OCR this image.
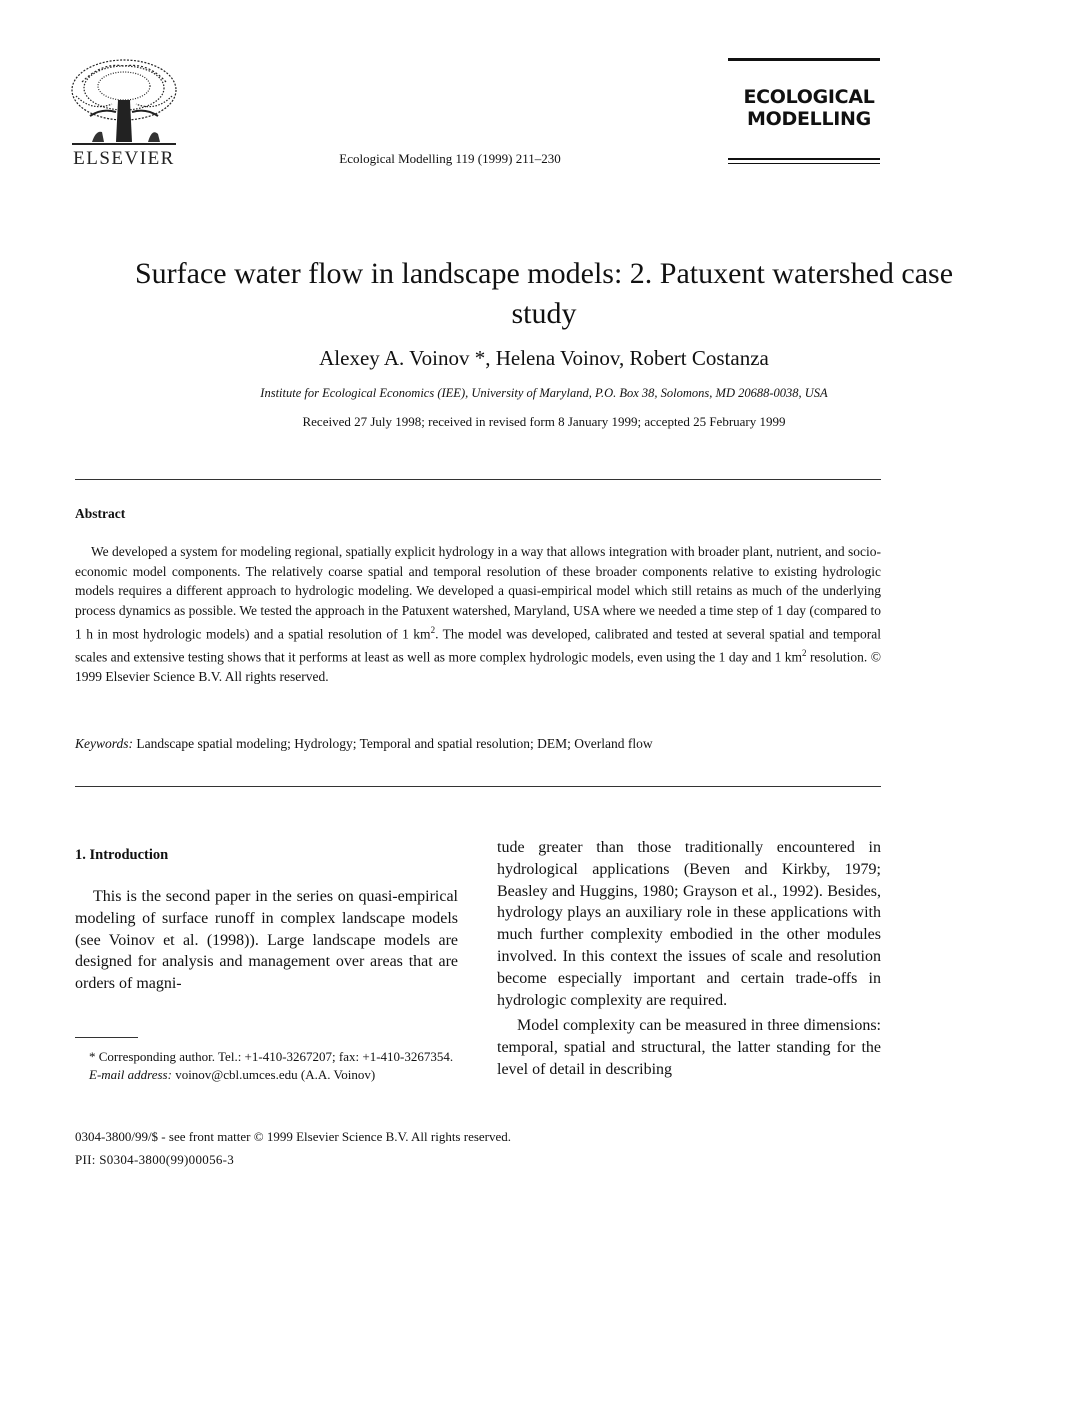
ELSEVIER	Ecological Modelling 119 (1999) 211–230
ECOLOGICAL
MODELLING
Surface water flow in landscape models: 2. Patuxent watershed case study
Alexey A. Voinov *, Helena Voinov, Robert Costanza
Institute for Ecological Economics (IEE), University of Maryland, P.O. Box 38, Solomons, MD 20688-0038, USA
Received 27 July 1998; received in revised form 8 January 1999; accepted 25 February 1999
Abstract
We developed a system for modeling regional, spatially explicit hydrology in a way that allows integration with broader plant, nutrient, and socio-economic model components. The relatively coarse spatial and temporal resolution of these broader components relative to existing hydrologic models requires a different approach to hydrologic modeling. We developed a quasi-empirical model which still retains as much of the underlying process dynamics as possible. We tested the approach in the Patuxent watershed, Maryland, USA where we needed a time step of 1 day (compared to 1 h in most hydrologic models) and a spatial resolution of 1 $km^2$. The model was developed, calibrated and tested at several spatial and temporal scales and extensive testing shows that it performs at least as well as more complex hydrologic models, even using the 1 day and 1 $km^2$ resolution. © 1999 Elsevier Science B.V. All rights reserved.
Keywords: Landscape spatial modeling; Hydrology; Temporal and spatial resolution; DEM; Overland flow
1. Introduction
This is the second paper in the series on quasi-empirical modeling of surface runoff in complex landscape models (see Voinov et al. (1998)). Large landscape models are designed for analysis and management over areas that are orders of magni-

tude greater than those traditionally encountered in hydrological applications (Beven and Kirkby, 1979; Beasley and Huggins, 1980; Grayson et al., 1992). Besides, hydrology plays an auxiliary role in these applications with much further complexity embodied in the other modules involved. In this context the issues of scale and resolution become especially important and certain trade-offs in hydrologic complexity are required.

Model complexity can be measured in three dimensions: temporal, spatial and structural, the latter standing for the level of detail in describing

* Corresponding author. Tel.: +1-410-3267207; fax: +1-410-3267354.
E-mail address: voinov@cbl.umces.edu (A.A. Voinov)
0304-3800/99/$ - see front matter © 1999 Elsevier Science B.V. All rights reserved.
PII: S0304-3800(99)00056-3
